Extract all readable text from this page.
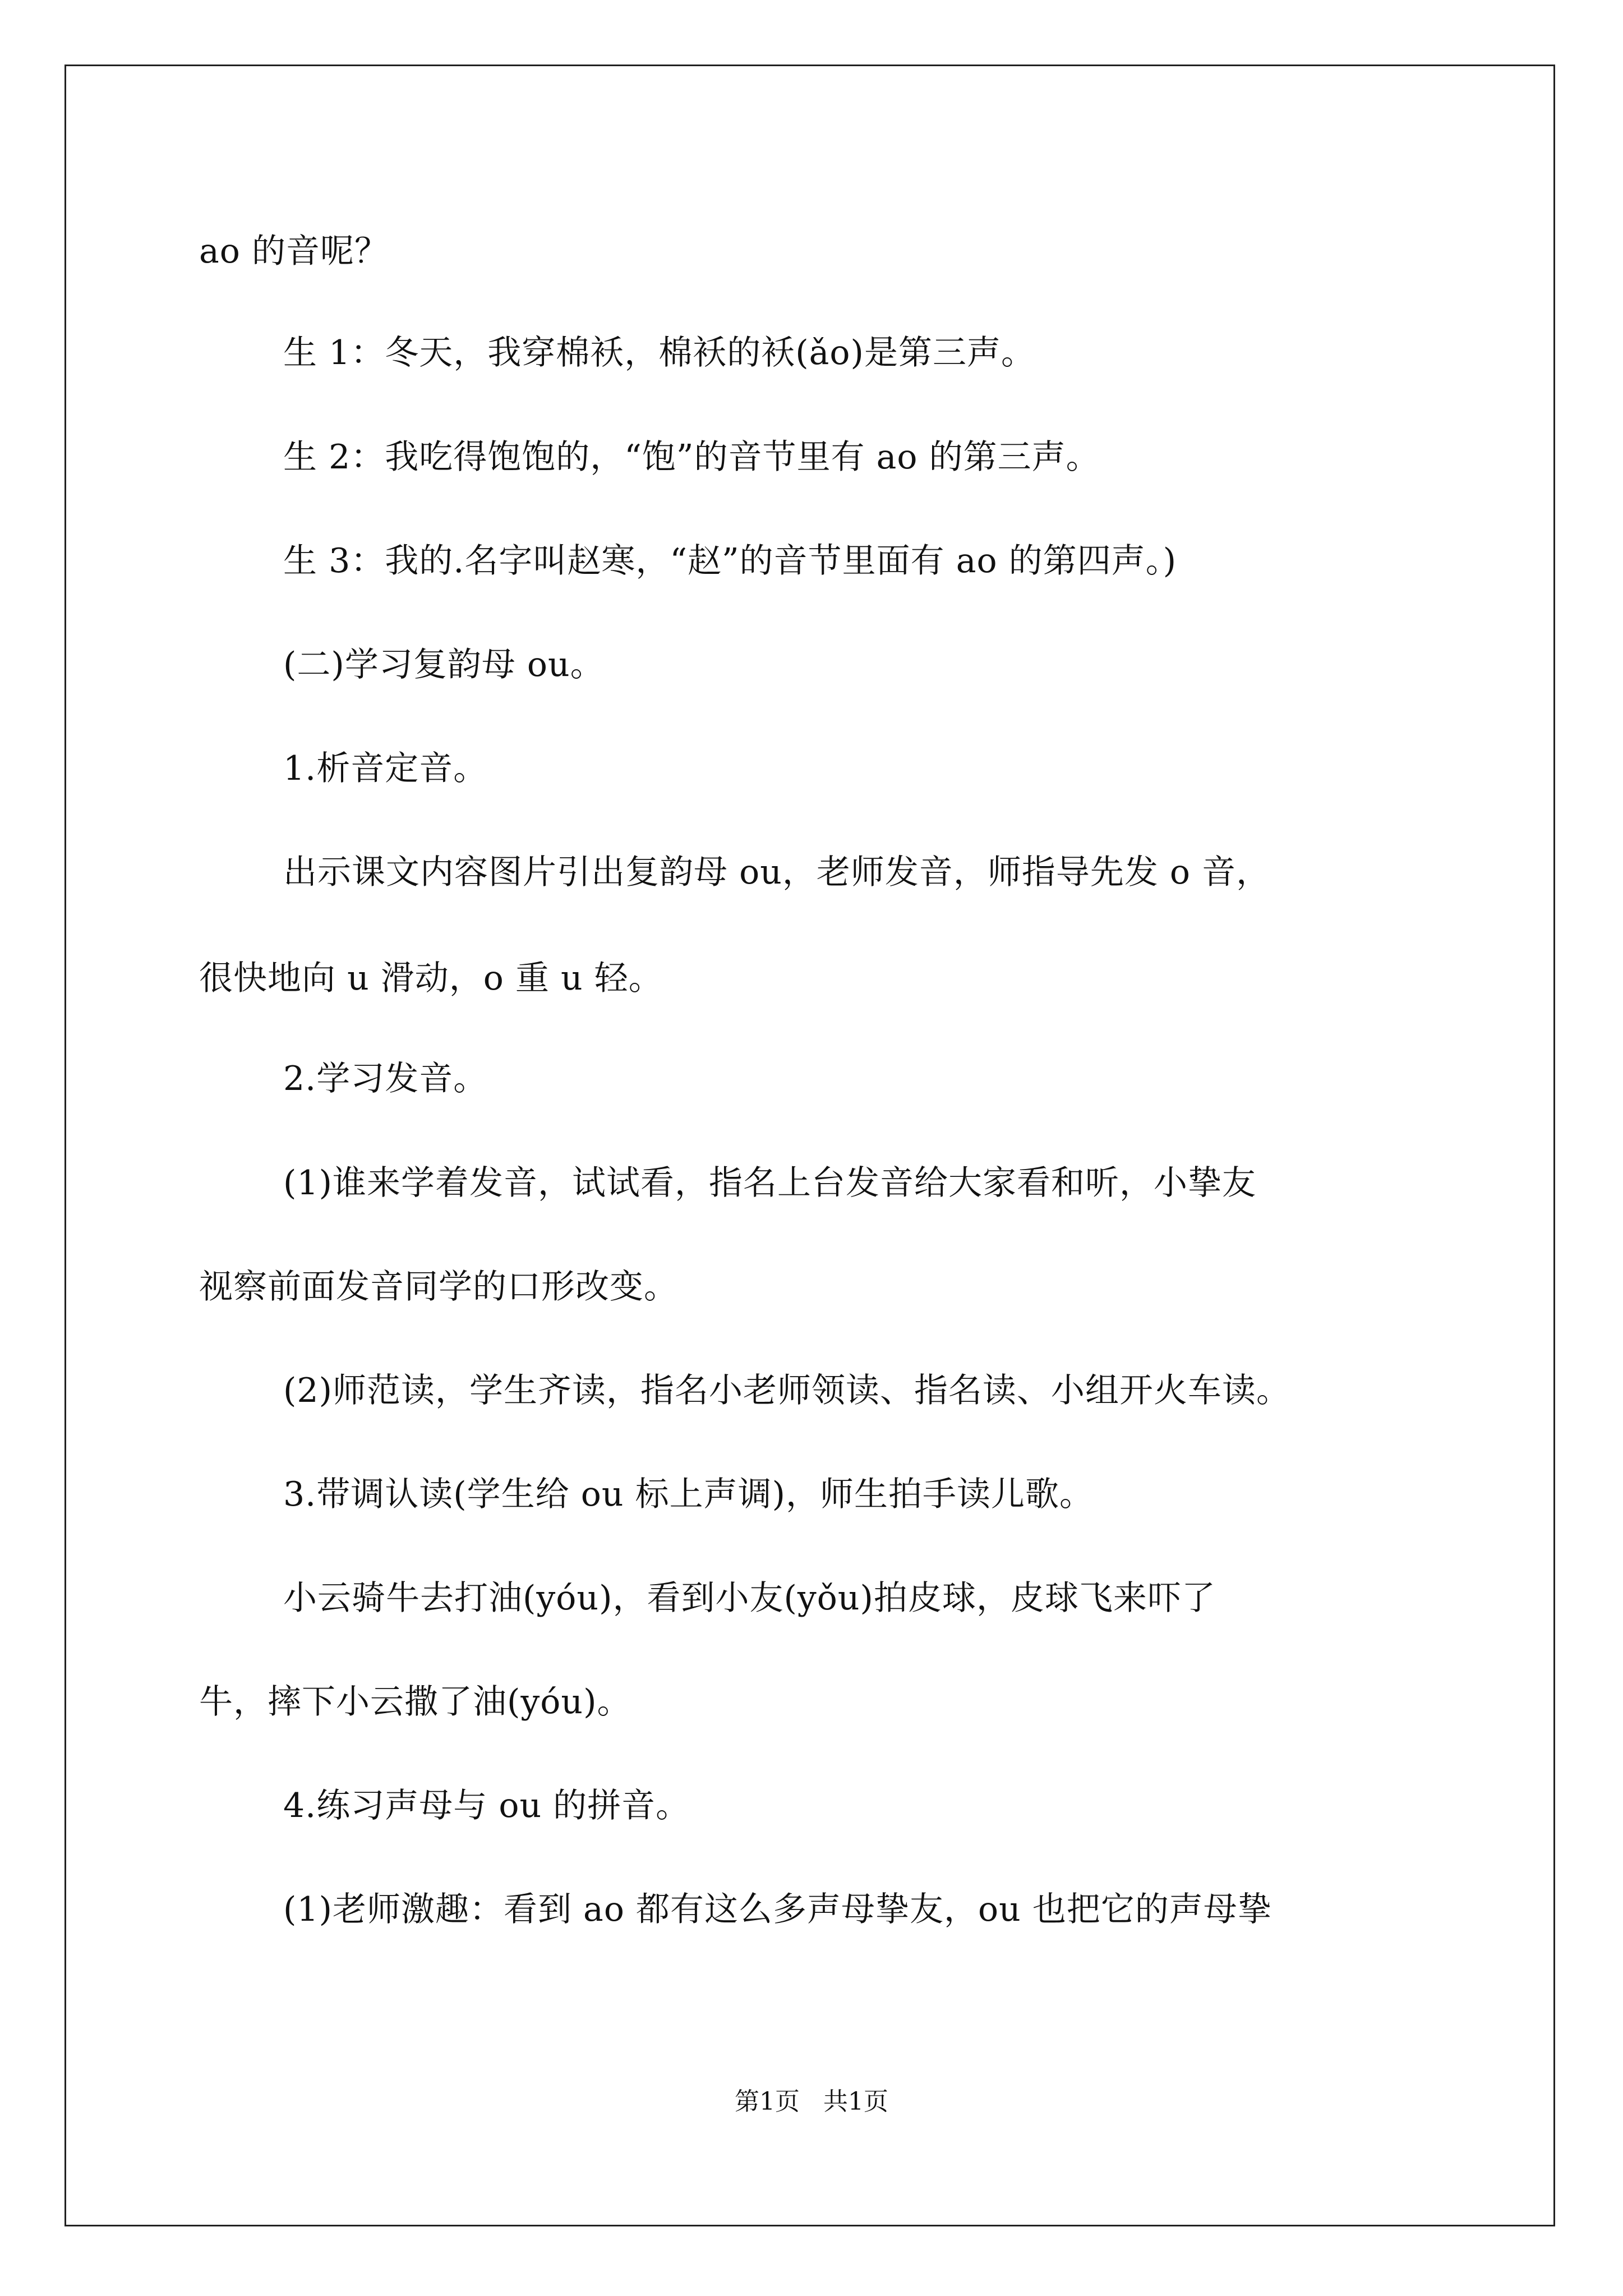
ao 的音呢？

生 1：冬天，我穿棉袄，棉袄的袄(ǎo)是第三声。

生 2：我吃得饱饱的，“饱”的音节里有 ao 的第三声。

生 3：我的.名字叫赵寒，“赵”的音节里面有 ao 的第四声。)

(二)学习复韵母 ou。

1.析音定音。

出示课文内容图片引出复韵母 ou，老师发音，师指导先发 o 音，

很快地向 u 滑动，o 重 u 轻。

2.学习发音。

(1)谁来学着发音，试试看，指名上台发音给大家看和听，小挚友

视察前面发音同学的口形改变。

(2)师范读，学生齐读，指名小老师领读、指名读、小组开火车读。

3.带调认读(学生给 ou 标上声调)，师生拍手读儿歌。

小云骑牛去打油(yóu)，看到小友(yǒu)拍皮球，皮球飞来吓了

牛，摔下小云撒了油(yóu)。

4.练习声母与 ou 的拼音。

(1)老师激趣：看到 ao 都有这么多声母挚友，ou 也把它的声母挚

第1页   共1页
